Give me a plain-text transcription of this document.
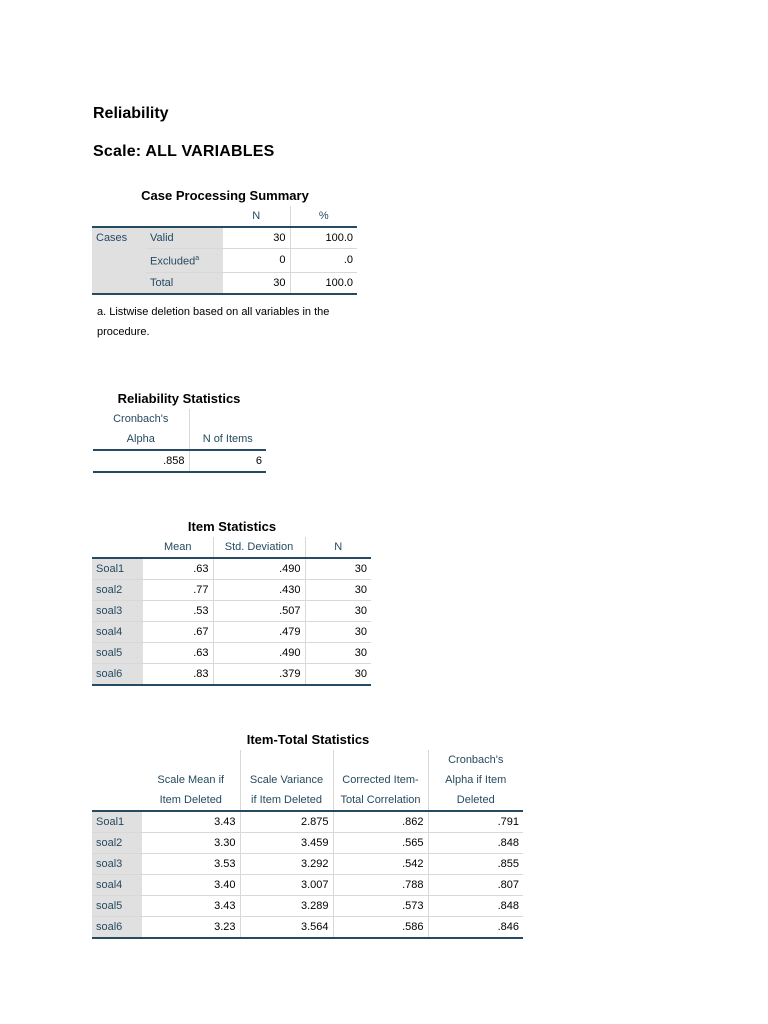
Reliability
Scale: ALL VARIABLES
Case Processing Summary
		N	%
Cases	Valid	30	100.0
	Excluded$^a$	0	.0
	Total	30	100.0
a. Listwise deletion based on all variables in the procedure.
Reliability Statistics
Cronbach's	
Alpha	N of Items
.858	6
Item Statistics
	Mean	Std. Deviation	N
Soal1	.63	.490	30
soal2	.77	.430	30
soal3	.53	.507	30
soal4	.67	.479	30
soal5	.63	.490	30
soal6	.83	.379	30
Item-Total Statistics
				Cronbach's
	Scale Mean if	Scale Variance	Corrected Item-	Alpha if Item
	Item Deleted	if Item Deleted	Total Correlation	Deleted
Soal1	3.43	2.875	.862	.791
soal2	3.30	3.459	.565	.848
soal3	3.53	3.292	.542	.855
soal4	3.40	3.007	.788	.807
soal5	3.43	3.289	.573	.848
soal6	3.23	3.564	.586	.846
